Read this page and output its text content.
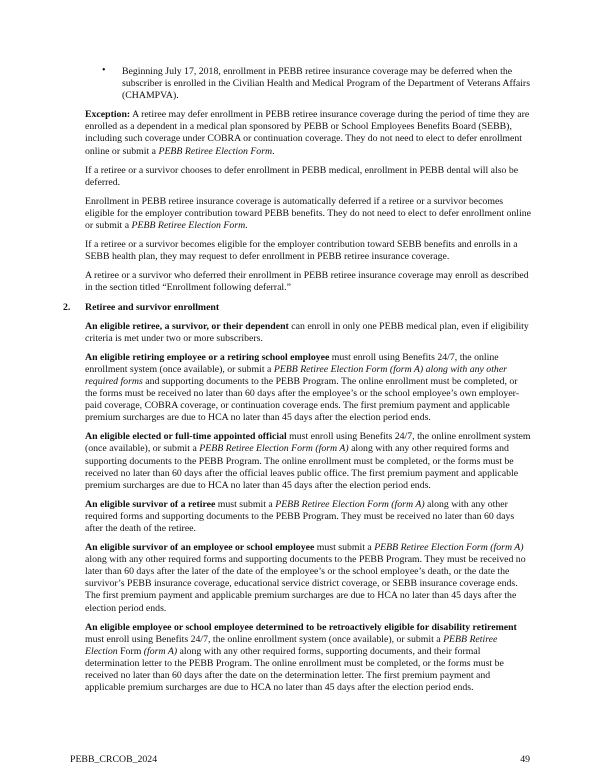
• Beginning July 17, 2018, enrollment in PEBB retiree insurance coverage may be deferred when the subscriber is enrolled in the Civilian Health and Medical Program of the Department of Veterans Affairs (CHAMPVA).
Exception: A retiree may defer enrollment in PEBB retiree insurance coverage during the period of time they are enrolled as a dependent in a medical plan sponsored by PEBB or School Employees Benefits Board (SEBB), including such coverage under COBRA or continuation coverage. They do not need to elect to defer enrollment online or submit a PEBB Retiree Election Form.
If a retiree or a survivor chooses to defer enrollment in PEBB medical, enrollment in PEBB dental will also be deferred.
Enrollment in PEBB retiree insurance coverage is automatically deferred if a retiree or a survivor becomes eligible for the employer contribution toward PEBB benefits. They do not need to elect to defer enrollment online or submit a PEBB Retiree Election Form.
If a retiree or a survivor becomes eligible for the employer contribution toward SEBB benefits and enrolls in a SEBB health plan, they may request to defer enrollment in PEBB retiree insurance coverage.
A retiree or a survivor who deferred their enrollment in PEBB retiree insurance coverage may enroll as described in the section titled “Enrollment following deferral.”
2. Retiree and survivor enrollment
An eligible retiree, a survivor, or their dependent can enroll in only one PEBB medical plan, even if eligibility criteria is met under two or more subscribers.
An eligible retiring employee or a retiring school employee must enroll using Benefits 24/7, the online enrollment system (once available), or submit a PEBB Retiree Election Form (form A) along with any other required forms and supporting documents to the PEBB Program. The online enrollment must be completed, or the forms must be received no later than 60 days after the employee’s or the school employee’s own employer-paid coverage, COBRA coverage, or continuation coverage ends. The first premium payment and applicable premium surcharges are due to HCA no later than 45 days after the election period ends.
An eligible elected or full-time appointed official must enroll using Benefits 24/7, the online enrollment system (once available), or submit a PEBB Retiree Election Form (form A) along with any other required forms and supporting documents to the PEBB Program. The online enrollment must be completed, or the forms must be received no later than 60 days after the official leaves public office. The first premium payment and applicable premium surcharges are due to HCA no later than 45 days after the election period ends.
An eligible survivor of a retiree must submit a PEBB Retiree Election Form (form A) along with any other required forms and supporting documents to the PEBB Program. They must be received no later than 60 days after the death of the retiree.
An eligible survivor of an employee or school employee must submit a PEBB Retiree Election Form (form A) along with any other required forms and supporting documents to the PEBB Program. They must be received no later than 60 days after the later of the date of the employee’s or the school employee’s death, or the date the survivor’s PEBB insurance coverage, educational service district coverage, or SEBB insurance coverage ends. The first premium payment and applicable premium surcharges are due to HCA no later than 45 days after the election period ends.
An eligible employee or school employee determined to be retroactively eligible for disability retirement must enroll using Benefits 24/7, the online enrollment system (once available), or submit a PEBB Retiree Election Form (form A) along with any other required forms, supporting documents, and their formal determination letter to the PEBB Program. The online enrollment must be completed, or the forms must be received no later than 60 days after the date on the determination letter. The first premium payment and applicable premium surcharges are due to HCA no later than 45 days after the election period ends.
PEBB_CRCOB_2024	49
